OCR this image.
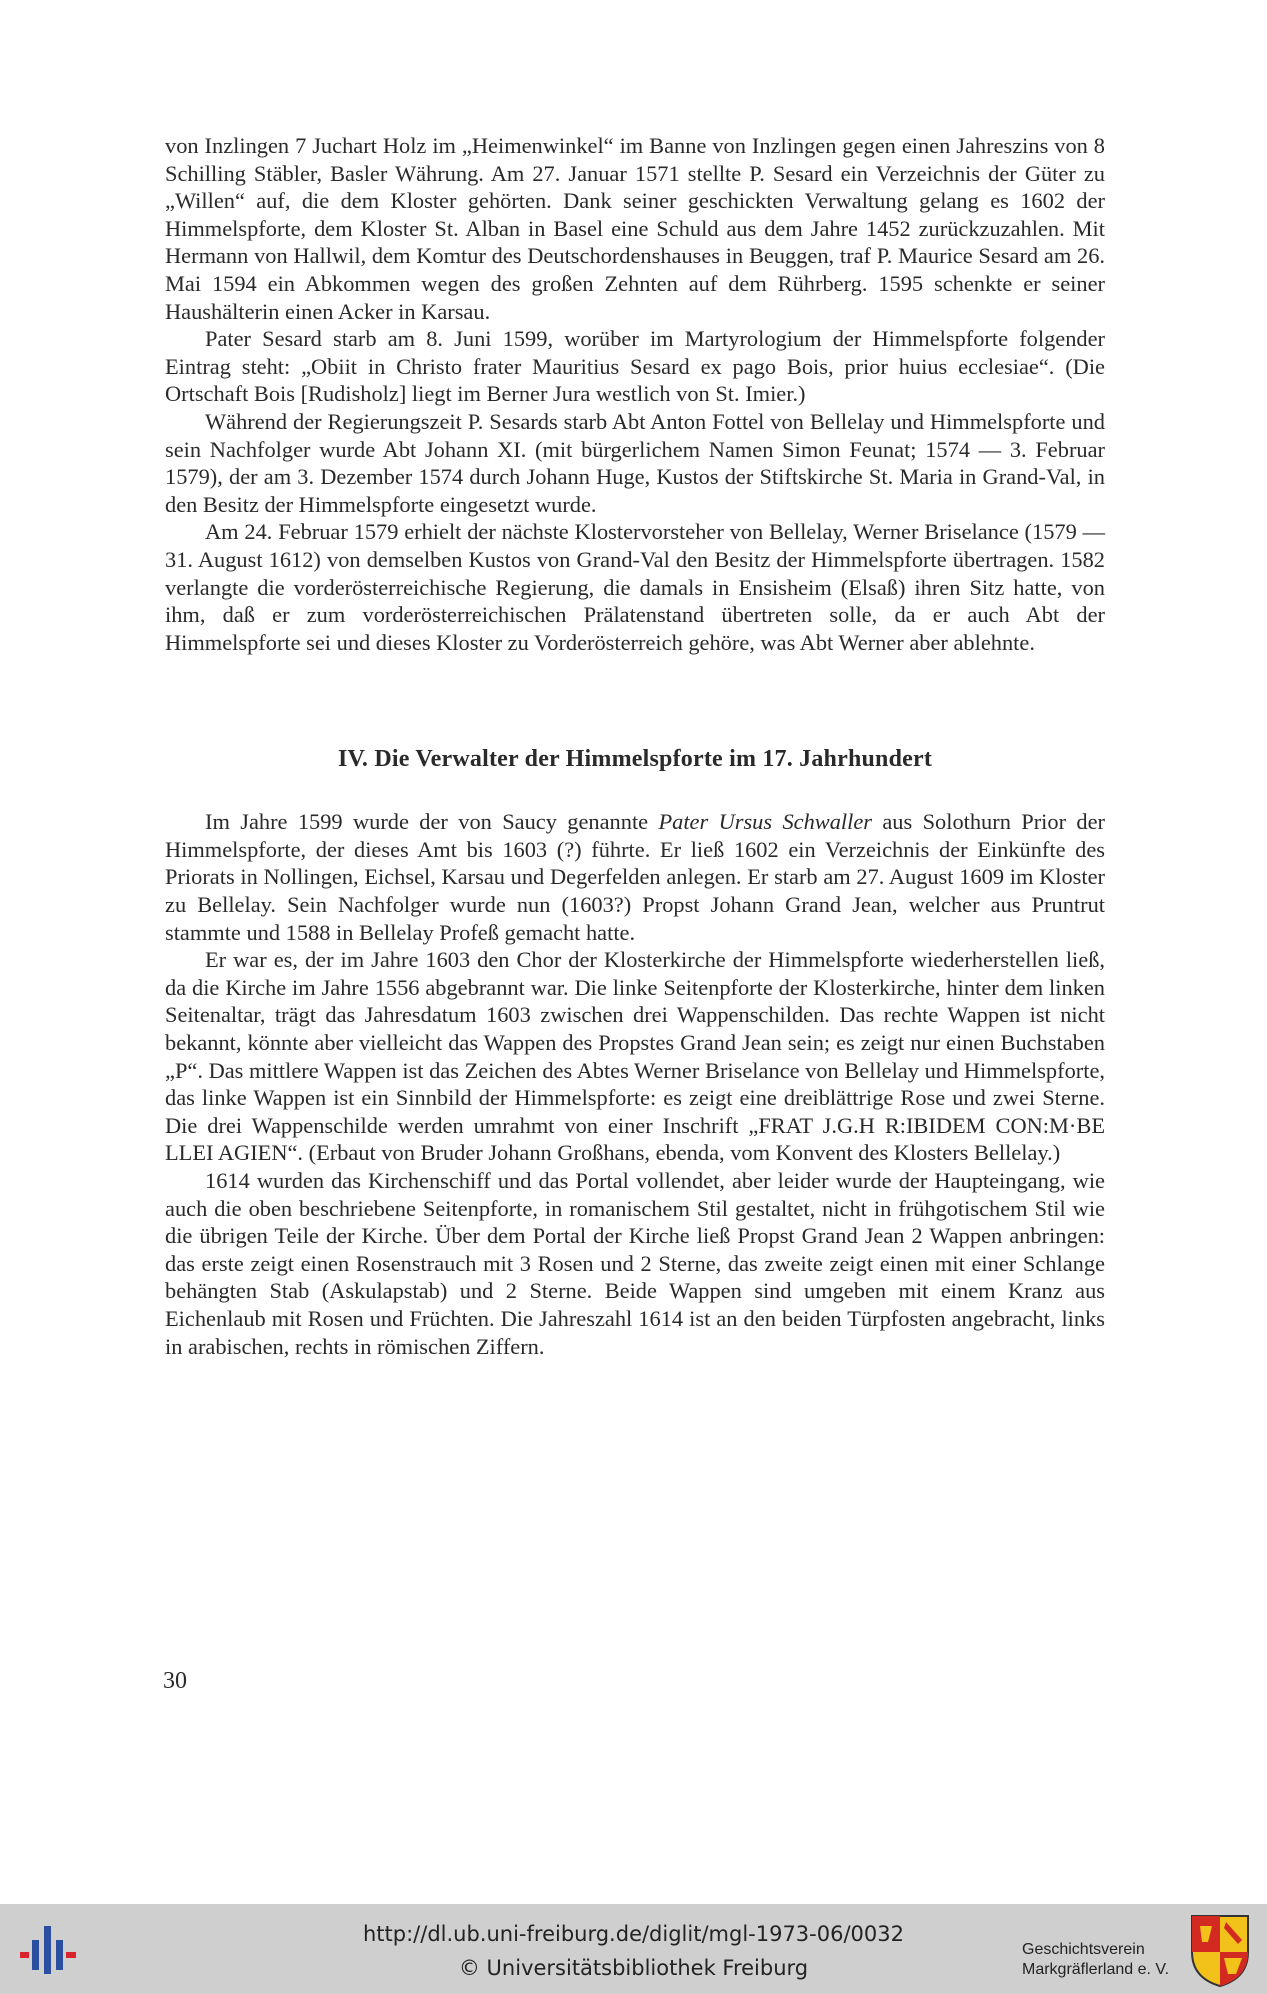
von Inzlingen 7 Juchart Holz im „Heimenwinkel“ im Banne von Inzlingen gegen einen Jahreszins von 8 Schilling Stäbler, Basler Währung. Am 27. Januar 1571 stellte P. Sesard ein Verzeichnis der Güter zu „Willen“ auf, die dem Kloster gehörten. Dank seiner geschickten Verwaltung gelang es 1602 der Himmelspforte, dem Kloster St. Alban in Basel eine Schuld aus dem Jahre 1452 zurückzuzahlen. Mit Hermann von Hallwil, dem Komtur des Deutschordenshauses in Beuggen, traf P. Maurice Sesard am 26. Mai 1594 ein Abkommen wegen des großen Zehnten auf dem Rührberg. 1595 schenkte er seiner Haushälterin einen Acker in Karsau.

Pater Sesard starb am 8. Juni 1599, worüber im Martyrologium der Himmelspforte folgender Eintrag steht: „Obiit in Christo frater Mauritius Sesard ex pago Bois, prior huius ecclesiae“. (Die Ortschaft Bois [Rudisholz] liegt im Berner Jura westlich von St. Imier.)

Während der Regierungszeit P. Sesards starb Abt Anton Fottel von Bellelay und Himmelspforte und sein Nachfolger wurde Abt Johann XI. (mit bürgerlichem Namen Simon Feunat; 1574 — 3. Februar 1579), der am 3. Dezember 1574 durch Johann Huge, Kustos der Stiftskirche St. Maria in Grand-Val, in den Besitz der Himmelspforte eingesetzt wurde.

Am 24. Februar 1579 erhielt der nächste Klostervorsteher von Bellelay, Werner Briselance (1579 — 31. August 1612) von demselben Kustos von Grand-Val den Besitz der Himmelspforte übertragen. 1582 verlangte die vorderösterreichische Regierung, die damals in Ensisheim (Elsaß) ihren Sitz hatte, von ihm, daß er zum vorderösterreichischen Prälatenstand übertreten solle, da er auch Abt der Himmelspforte sei und dieses Kloster zu Vorderösterreich gehöre, was Abt Werner aber ablehnte.

IV. Die Verwalter der Himmelspforte im 17. Jahrhundert

Im Jahre 1599 wurde der von Saucy genannte Pater Ursus Schwaller aus Solothurn Prior der Himmelspforte, der dieses Amt bis 1603 (?) führte. Er ließ 1602 ein Verzeichnis der Einkünfte des Priorats in Nollingen, Eichsel, Karsau und Degerfelden anlegen. Er starb am 27. August 1609 im Kloster zu Bellelay. Sein Nachfolger wurde nun (1603?) Propst Johann Grand Jean, welcher aus Pruntrut stammte und 1588 in Bellelay Profeß gemacht hatte.

Er war es, der im Jahre 1603 den Chor der Klosterkirche der Himmelspforte wiederherstellen ließ, da die Kirche im Jahre 1556 abgebrannt war. Die linke Seitenpforte der Klosterkirche, hinter dem linken Seitenaltar, trägt das Jahresdatum 1603 zwischen drei Wappenschilden. Das rechte Wappen ist nicht bekannt, könnte aber vielleicht das Wappen des Propstes Grand Jean sein; es zeigt nur einen Buchstaben „P“. Das mittlere Wappen ist das Zeichen des Abtes Werner Briselance von Bellelay und Himmelspforte, das linke Wappen ist ein Sinnbild der Himmelspforte: es zeigt eine dreiblättrige Rose und zwei Sterne. Die drei Wappenschilde werden umrahmt von einer Inschrift „FRAT J.G.H R:IBIDEM CON:M·BE LLEI AGIEN“. (Erbaut von Bruder Johann Großhans, ebenda, vom Konvent des Klosters Bellelay.)

1614 wurden das Kirchenschiff und das Portal vollendet, aber leider wurde der Haupteingang, wie auch die oben beschriebene Seitenpforte, in romanischem Stil gestaltet, nicht in frühgotischem Stil wie die übrigen Teile der Kirche. Über dem Portal der Kirche ließ Propst Grand Jean 2 Wappen anbringen: das erste zeigt einen Rosenstrauch mit 3 Rosen und 2 Sterne, das zweite zeigt einen mit einer Schlange behängten Stab (Askulapstab) und 2 Sterne. Beide Wappen sind umgeben mit einem Kranz aus Eichenlaub mit Rosen und Früchten. Die Jahreszahl 1614 ist an den beiden Türpfosten angebracht, links in arabischen, rechts in römischen Ziffern.

30
http://dl.ub.uni-freiburg.de/diglit/mgl-1973-06/0032
© Universitätsbibliothek Freiburg
Geschichtsverein
Markgräflerland e. V.
